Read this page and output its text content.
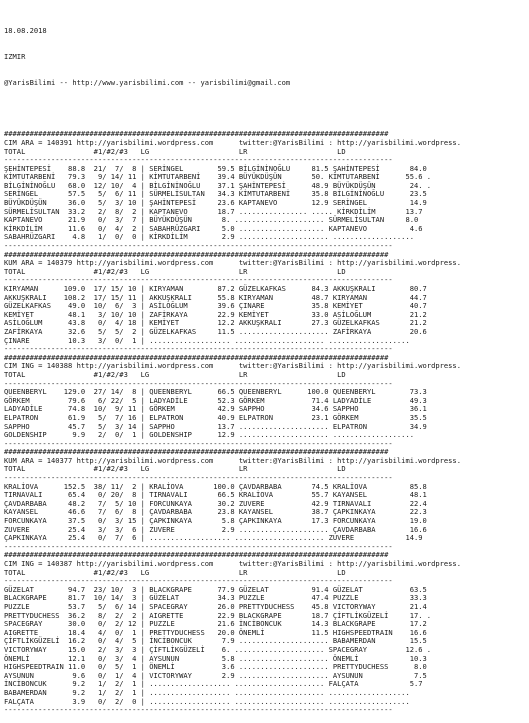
18.08.2018

IZMIR

@YarisBilimi -- http://www.yarisbilimi.com -- yarisbilimi@gmail.com

##########################################################################################
CIM ARA = 140391 http://yarisbilimi.wordpress.com      twitter:@YarisBilimi : http://yarisbilimi.wordpress.
TOTAL                #1/#2/#3   LG                     LR                     LD
-------------------------------------------------------------------------------------------
ŞEHİNTEPESİ    88.8  21/  7/  8 | SERİNGEL        59.5 BİLGİNİNOĞLU     81.5 ŞAHİNTEPESİ       84.0
KİMTUTARBENİ   79.3   9/ 14/ 11 | KİMTUTARBENİ    39.4 BÜYÜKDÜŞÜN       50. KİMTUTARBENİ      55.6 .
BİLGİNİNOĞLU   68.0  12/ 10/  4 | BİLGİNİNOĞLU    37.1 ŞAHİNTEPESİ      48.9 BÜYÜKDÜŞÜN        24. .
SERİNGEL       57.5   5/  6/ 11 | SÜRMELİSULTAN   34.3 KİMTUTARBENİ     35.8 BİLGİNİNOĞLU      23.5
BÜYÜKDÜŞÜN     36.0   5/  3/ 10 | ŞAHİNTEPESİ     23.6 KAPTANEVO        12.9 SERİNGEL          14.9
SÜRMELİSULTAN  33.2   2/  8/  2 | KAPTANEVO       18.7 ................ ..... KİRKDİLİM       13.7
KAPTANEVO      21.9   0/  3/  7 | BÜYÜKDÜŞÜN       8. ..................... SÜRMELİSULTAN     8.0
KİRKDİLİM      11.6   0/  4/  2 | SABAHRÜZGARI     5.0 .................... KAPTANEVO          4.6
SABAHRÜZGARI    4.8   1/  0/  0 | KİRKDİLİM        2.9 ..................... ...................
-------------------------------------------------------------------------------------------
##########################################################################################
KUM ARA = 140379 http://yarisbilimi.wordpress.com      twitter:@YarisBilimi : http://yarisbilimi.wordpress.
TOTAL                #1/#2/#3   LG                     LR                     LD
-------------------------------------------------------------------------------------------
KIRYAMAN      109.0  17/ 15/ 10 | KIRYAMAN        87.2 GÜZELKAFKAS      84.3 AKKUŞKRALI        80.7
AKKUŞKRALI    108.2  17/ 15/ 11 | AKKUŞKRALI      55.8 KIRYAMAN         48.7 KIRYAMAN          44.7
GÜZELKAFKAS    49.0  10/  6/  3 | ASİLOĞLUM       39.6 ÇINARE           35.8 KEMİYET           40.7
KEMİYET        48.1   3/ 10/ 10 | ZAFİRKAYA       22.9 KEMİYET          33.0 ASİLOĞLUM         21.2
ASİLOĞLUM      43.8   0/  4/ 18 | KEMİYET         12.2 AKKUŞKRALI       27.3 GÜZELKAFKAS       21.2
ZAFİRKAYA      32.6   5/  5/  2 | GÜZELKAFKAS     11.5 ..................... ZAFİRKAYA         20.6
ÇINARE         10.3   3/  0/  1 | ................... ..................... ...................
-------------------------------------------------------------------------------------------
##########################################################################################
CIM ING = 140388 http://yarisbilimi.wordpress.com      twitter:@YarisBilimi : http://yarisbilimi.wordpress.
TOTAL                #1/#2/#3   LG                     LR                     LD
-------------------------------------------------------------------------------------------
QUEENBERYL    129.0  27/ 14/  8 | QUEENBERYL      66.5 QUEENBERYL      100.0 QUEENBERYL        73.3
GÖRKEM         79.6   6/ 22/  5 | LADYADİLE       52.3 GÖRKEM           71.4 LADYADİLE         49.3
LADYADİLE      74.8  10/  9/ 11 | GÖRKEM          42.9 SAPPHO           34.6 SAPPHO            36.1
ELPATRON       61.9   5/  7/ 16 | ELPATRON        40.9 ELPATRON         23.1 GÖRKEM            35.5
SAPPHO         45.7   5/  3/ 14 | SAPPHO          13.7 ..................... ELPATRON          34.9
GOLDENSHIP      9.9   2/  0/  1 | GOLDENSHIP      12.9 ..................... ...................
-------------------------------------------------------------------------------------------
##########################################################################################
KUM ARA = 140377 http://yarisbilimi.wordpress.com      twitter:@YarisBilimi : http://yarisbilimi.wordpress.
TOTAL                #1/#2/#3   LG                     LR                     LD
-------------------------------------------------------------------------------------------
KRALİOVA      152.5  38/ 11/  2 | KRALİOVA       100.0 ÇAVDARBABA       74.5 KRALİOVA          85.8
TIRNAVALI      65.4   0/ 20/  8 | TIRNAVALI       66.5 KRALİOVA         55.7 KAYANSEL          48.1
ÇAVDARBABA     48.2   7/  5/ 10 | FORCUNKAYA      30.2 ZUVERE           42.9 TIRNAVALI         22.4
KAYANSEL       46.6   7/  6/  8 | ÇAVDARBABA      23.8 KAYANSEL         38.7 ÇAPKINKAYA        22.3
FORCUNKAYA     37.5   0/  3/ 15 | ÇAPKINKAYA       5.8 ÇAPKINKAYA       17.3 FORCUNKAYA        19.0
ZUVERE         25.4   3/  3/  6 | ZUVERE           2.9 ..................... ÇAVDARBABA        16.6
ÇAPKINKAYA     25.4   0/  7/  6 | ................... ..................... ZUVERE            14.9
-------------------------------------------------------------------------------------------
##########################################################################################
CIM ING = 140387 http://yarisbilimi.wordpress.com      twitter:@YarisBilimi : http://yarisbilimi.wordpress.
TOTAL                #1/#2/#3   LG                     LR                     LD
-------------------------------------------------------------------------------------------
GÜZELAT        94.7  23/ 10/  3 | BLACKGRAPE      77.9 GÜZELAT          91.4 GÜZELAT           63.5
BLACKGRAPE     81.7  10/ 14/  3 | GÜZELAT         34.3 PUZZLE           47.4 PUZZLE            33.3
PUZZLE         53.7   5/  6/ 14 | SPACEGRAY       26.0 PRETTYDUCHESS    45.8 VICTORYWAY        21.4
PRETTYDUCHESS  36.2   8/  2/  2 | AIGRETTE        22.9 BLACKGRAPE       18.7 ÇİFTLİKGÜZELİ     17. .
SPACEGRAY      30.0   0/  2/ 12 | PUZZLE          21.6 İNCİBONCUK       14.3 BLACKGRAPE        17.2
AIGRETTE       18.4   4/  0/  1 | PRETTYDUCHESS   20.0 ÖNEMLİ           11.5 HIGHSPEEDTRAIN    16.6
ÇİFTLİKGÜZELİ  16.2   0/  4/  5 | İNCİBONCUK       7.9 ..................... BABAMERDAN        15.5
VICTORYWAY     15.0   2/  3/  3 | ÇİFTLİKGÜZELİ    6. ..................... SPACEGRAY         12.6 .
ÖNEMLİ         12.1   0/  3/  4 | AYSUNUN          5.8 ..................... ÖNEMLİ            10.3
HIGHSPEEDTRAIN 11.0   0/  5/  1 | ÖNEMLİ           3.6 ..................... PRETTYDUCHESS      8.0
AYSUNUN         9.6   0/  1/  4 | VICTORYWAY       2.9 ..................... AYSUNUN            7.5
İNCİBONCUK      9.2   1/  2/  1 | ................... ..................... FALÇATA            5.7
BABAMERDAN      9.2   1/  2/  1 | ................... ..................... ...................
FALÇATA         3.9   0/  2/  0 | ................... ..................... ...................
-------------------------------------------------------------------------------------------
